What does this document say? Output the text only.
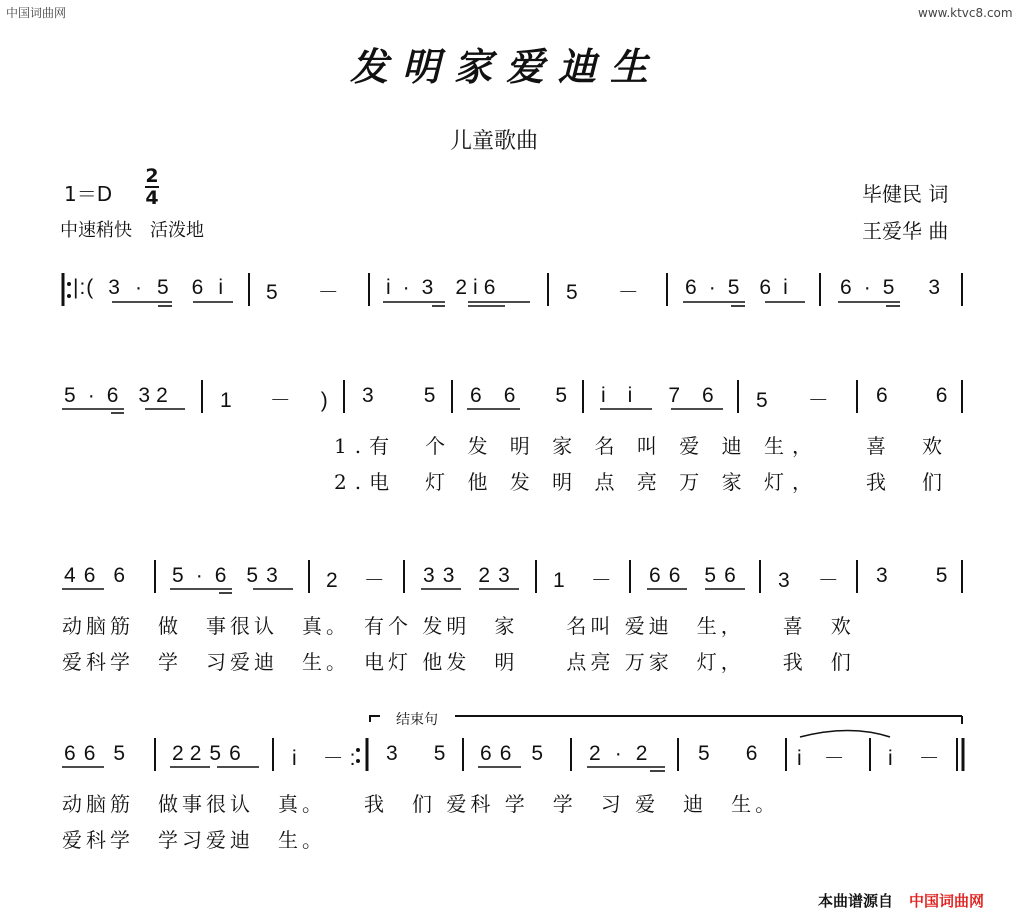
中国词曲网	www.ktvc8.com
发明家爱迪生
儿童歌曲
1＝D
2
4
中速稍快　活泼地
毕健民 词
王爱华 曲
|:( 3 · 5 6 i 5 － i · 3 2 i 6	5 － 6 · 5 6 i 6 · 5 3
5 · 6 3 2 1 － ) 3 5 6 6 5 i i 7 6 5 － 6 6
1.有　个 发 明 家 名 叫 爱 迪 生，　　喜　欢
2.电　灯 他 发 明 点 亮 万 家 灯，　　我　们
4 6 6 5 · 6 5 3 2 － 3 3 2 3 1 － 6 6 5 6 3 － 3 5
动脑筋　做　事很认　真。　有个 发明　家　　名叫 爱迪　生，　　喜　欢
爱科学　学　习爱迪　生。　电灯 他发　明　　点亮 万家　灯，　　我　们
结束句
6 6 5 2 2 5 6 i － : 3 5 6 6 5 2 · 2 5 6 i － i －
动脑筋　做事很认　真。　　我　们 爱科 学　学　习 爱　迪　生。
爱科学　学习爱迪　生。
本曲谱源自 中国词曲网
